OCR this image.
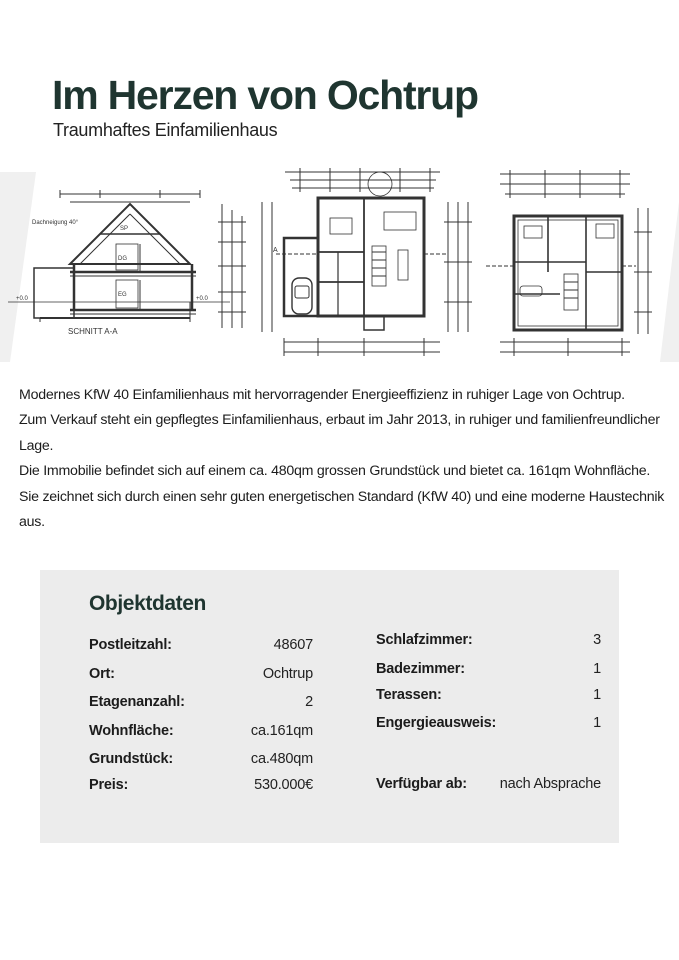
Im Herzen von Ochtrup
Traumhaftes Einfamilienhaus
Dachneigung 40°
SP
DG
EG
+0.0	+0.0
SCHNITT A-A
A

Modernes KfW 40 Einfamilienhaus mit hervorragender Energieeffizienz in ruhiger Lage von Ochtrup.

Zum Verkauf steht ein gepflegtes Einfamilienhaus, erbaut im Jahr 2013, in ruhiger und familienfreundlicher Lage.

Die Immobilie befindet sich auf einem ca. 480qm grossen Grundstück und bietet ca. 161qm Wohnfläche.

Sie zeichnet sich durch einen sehr guten energetischen Standard (KfW 40) und eine moderne Haustechnik aus.

Objektdaten
Postleitzahl:	48607
Ort:	Ochtrup
Etagenanzahl:	2
Wohnfläche:	ca.161qm
Grundstück:	ca.480qm
Preis:	530.000€
Schlafzimmer:	3
Badezimmer:	1
Terassen:	1
Engergieausweis:	1
Verfügbar ab: nach Absprache
